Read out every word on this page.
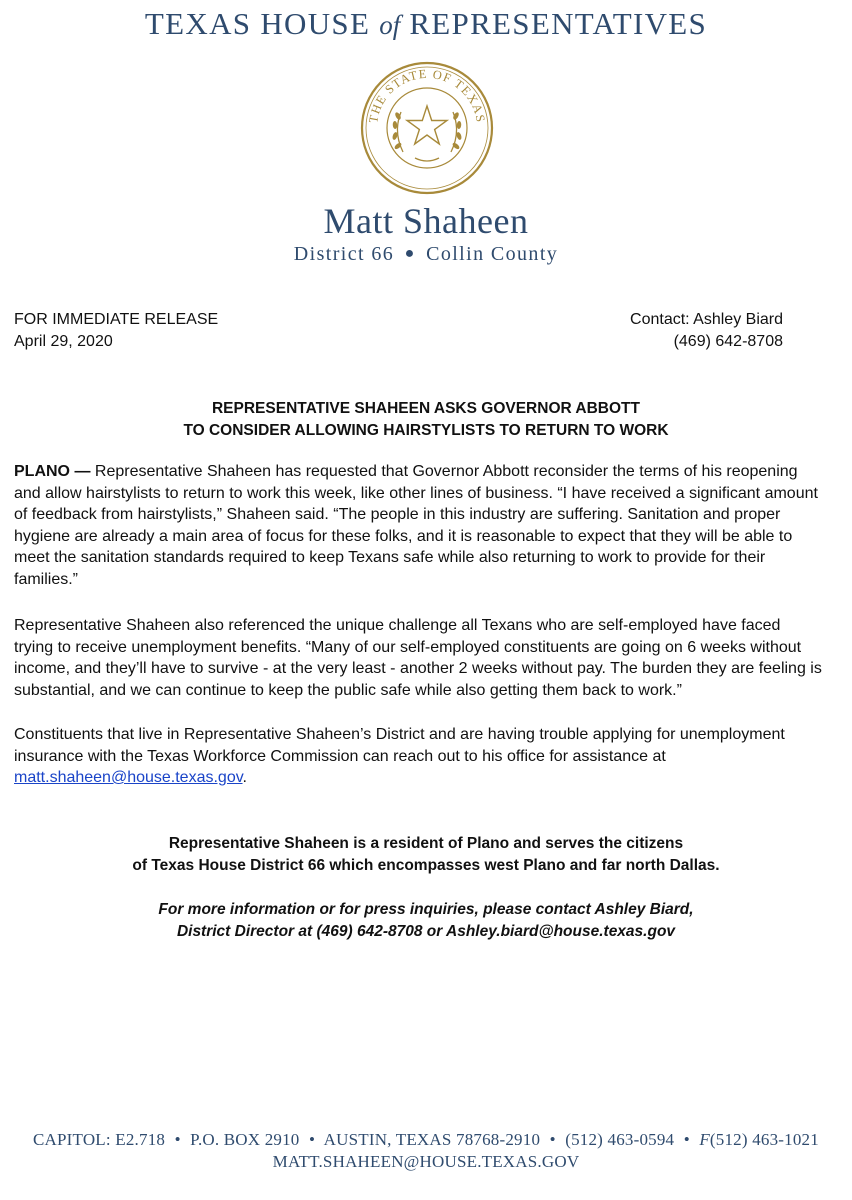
TEXAS HOUSE of REPRESENTATIVES
THE STATE OF TEXAS
Matt Shaheen
District 66 ● Collin County
FOR IMMEDIATE RELEASE
April 29, 2020
Contact: Ashley Biard
(469) 642-8708
REPRESENTATIVE SHAHEEN ASKS GOVERNOR ABBOTT
TO CONSIDER ALLOWING HAIRSTYLISTS TO RETURN TO WORK

PLANO — Representative Shaheen has requested that Governor Abbott reconsider the terms of his reopening and allow hairstylists to return to work this week, like other lines of business. “I have received a significant amount of feedback from hairstylists,” Shaheen said. “The people in this industry are suffering. Sanitation and proper hygiene are already a main area of focus for these folks, and it is reasonable to expect that they will be able to meet the sanitation standards required to keep Texans safe while also returning to work to provide for their families.”

Representative Shaheen also referenced the unique challenge all Texans who are self-employed have faced trying to receive unemployment benefits. “Many of our self-employed constituents are going on 6 weeks without income, and they’ll have to survive - at the very least - another 2 weeks without pay. The burden they are feeling is substantial, and we can continue to keep the public safe while also getting them back to work.”

Constituents that live in Representative Shaheen’s District and are having trouble applying for unemployment insurance with the Texas Workforce Commission can reach out to his office for assistance at matt.shaheen@house.texas.gov.

Representative Shaheen is a resident of Plano and serves the citizens
of Texas House District 66 which encompasses west Plano and far north Dallas.
For more information or for press inquiries, please contact Ashley Biard,
District Director at (469) 642-8708 or Ashley.biard@house.texas.gov
CAPITOL: E2.718 • P.O. BOX 2910 • AUSTIN, TEXAS 78768-2910 • (512) 463-0594 • F(512) 463-1021
MATT.SHAHEEN@HOUSE.TEXAS.GOV
